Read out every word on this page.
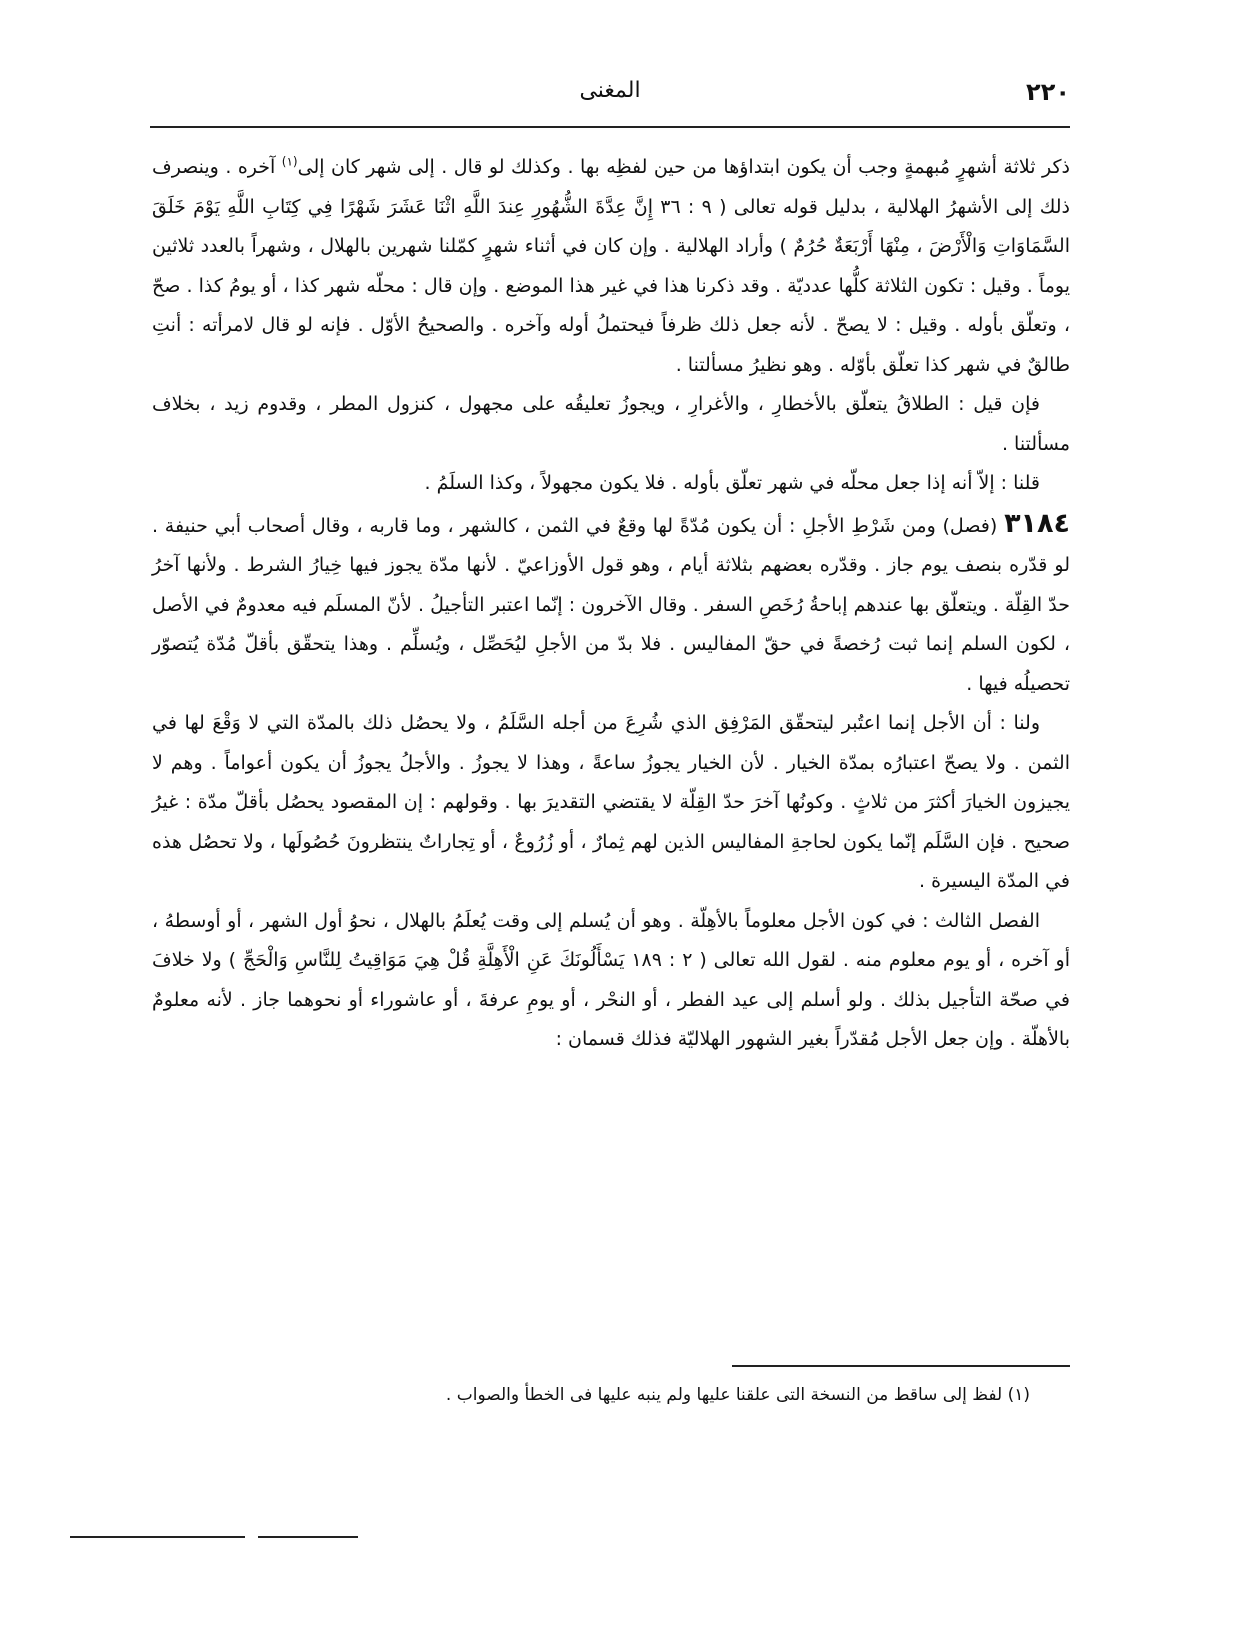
٢٢٠
المغنى

ذكر ثلاثة أشهرٍ مُبهمةٍ وجب أن يكون ابتداؤها من حين لفظِه بها . وكذلك لو قال . إلى شهر كان إلى$^{(١)}$ آخره . وينصرف ذلك إلى الأشهرُ الهلالية ، بدليل قوله تعالى ( ٩ : ٣٦ إِنَّ عِدَّةَ الشُّهُورِ عِندَ اللَّهِ اثْنَا عَشَرَ شَهْرًا فِي كِتَابِ اللَّهِ يَوْمَ خَلَقَ السَّمَاوَاتِ وَالْأَرْضَ ، مِنْهَا أَرْبَعَةٌ حُرُمٌ ) وأراد الهلالية . وإن كان في أثناء شهرٍ كمّلنا شهرين بالهلال ، وشهراً بالعدد ثلاثين يوماً . وقيل : تكون الثلاثة كلُّها عدديّة . وقد ذكرنا هذا في غير هذا الموضع . وإن قال : محلّه شهر كذا ، أو يومُ كذا . صحّ ، وتعلّق بأوله . وقيل : لا يصحّ . لأنه جعل ذلك ظرفاً فيحتملُ أوله وآخره . والصحيحُ الأوّل . فإنه لو قال لامرأته : أنتِ طالقٌ في شهر كذا تعلّق بأوّله . وهو نظيرُ مسألتنا .

فإن قيل : الطلاقُ يتعلّق بالأخطارِ ، والأغرارِ ، ويجوزُ تعليقُه على مجهول ، كنزول المطر ، وقدوم زيد ، بخلاف مسألتنا .

قلنا : إلاّ أنه إذا جعل محلّه في شهر تعلّق بأوله . فلا يكون مجهولاً ، وكذا السلَمُ .

٣١٨٤ (فصل) ومن شَرْطِ الأجلِ : أن يكون مُدّةً لها وقعٌ في الثمن ، كالشهر ، وما قاربه ، وقال أصحاب أبي حنيفة . لو قدّره بنصف يوم جاز . وقدّره بعضهم بثلاثة أيام ، وهو قول الأوزاعيّ . لأنها مدّة يجوز فيها خِيارُ الشرط . ولأنها آخرُ حدّ القِلّة . ويتعلّق بها عندهم إباحةُ رُخَصِ السفر . وقال الآخرون : إنّما اعتبر التأجيلُ . لأنّ المسلَم فيه معدومٌ في الأصل ، لكون السلم إنما ثبت رُخصةً في حقّ المفاليس . فلا بدّ من الأجلِ ليُحَصِّل ، ويُسلِّم . وهذا يتحقّق بأقلّ مُدّة يُتصوّر تحصيلُه فيها .

ولنا : أن الأجل إنما اعتُبر ليتحقّق المَرْفِق الذي شُرِعَ من أجله السَّلَمُ ، ولا يحصُل ذلك بالمدّة التي لا وَقْعَ لها في الثمن . ولا يصحّ اعتبارُه بمدّة الخيار . لأن الخيار يجوزُ ساعةً ، وهذا لا يجوزُ . والأجلُ يجوزُ أن يكون أعواماً . وهم لا يجيزون الخيارَ أكثرَ من ثلاثٍ . وكونُها آخرَ حدّ القِلّة لا يقتضي التقديرَ بها . وقولهم : إن المقصود يحصُل بأقلّ مدّة : غيرُ صحيح . فإن السَّلَم إنّما يكون لحاجةِ المفاليس الذين لهم ثِمارٌ ، أو زُرُوعٌ ، أو تِجاراتٌ ينتظرونَ حُصُولَها ، ولا تحصُل هذه في المدّة اليسيرة .

الفصل الثالث : في كون الأجل معلوماً بالأهِلّة . وهو أن يُسلم إلى وقت يُعلَمُ بالهلال ، نحوُ أول الشهر ، أو أوسطهُ ، أو آخره ، أو يوم معلوم منه . لقول الله تعالى ( ٢ : ١٨٩ يَسْأَلُونَكَ عَنِ الْأَهِلَّةِ قُلْ هِيَ مَوَاقِيتُ لِلنَّاسِ وَالْحَجِّ ) ولا خلافَ في صحّة التأجيل بذلك . ولو أسلم إلى عيد الفطر ، أو النحْر ، أو يومِ عرفةَ ، أو عاشوراء أو نحوهما جاز . لأنه معلومٌ بالأهلّة . وإن جعل الأجل مُقدّراً بغير الشهور الهلاليّة فذلك قسمان :

(١) لفظ إلى ساقط من النسخة التى علقنا عليها ولم ينبه عليها فى الخطأ والصواب .
